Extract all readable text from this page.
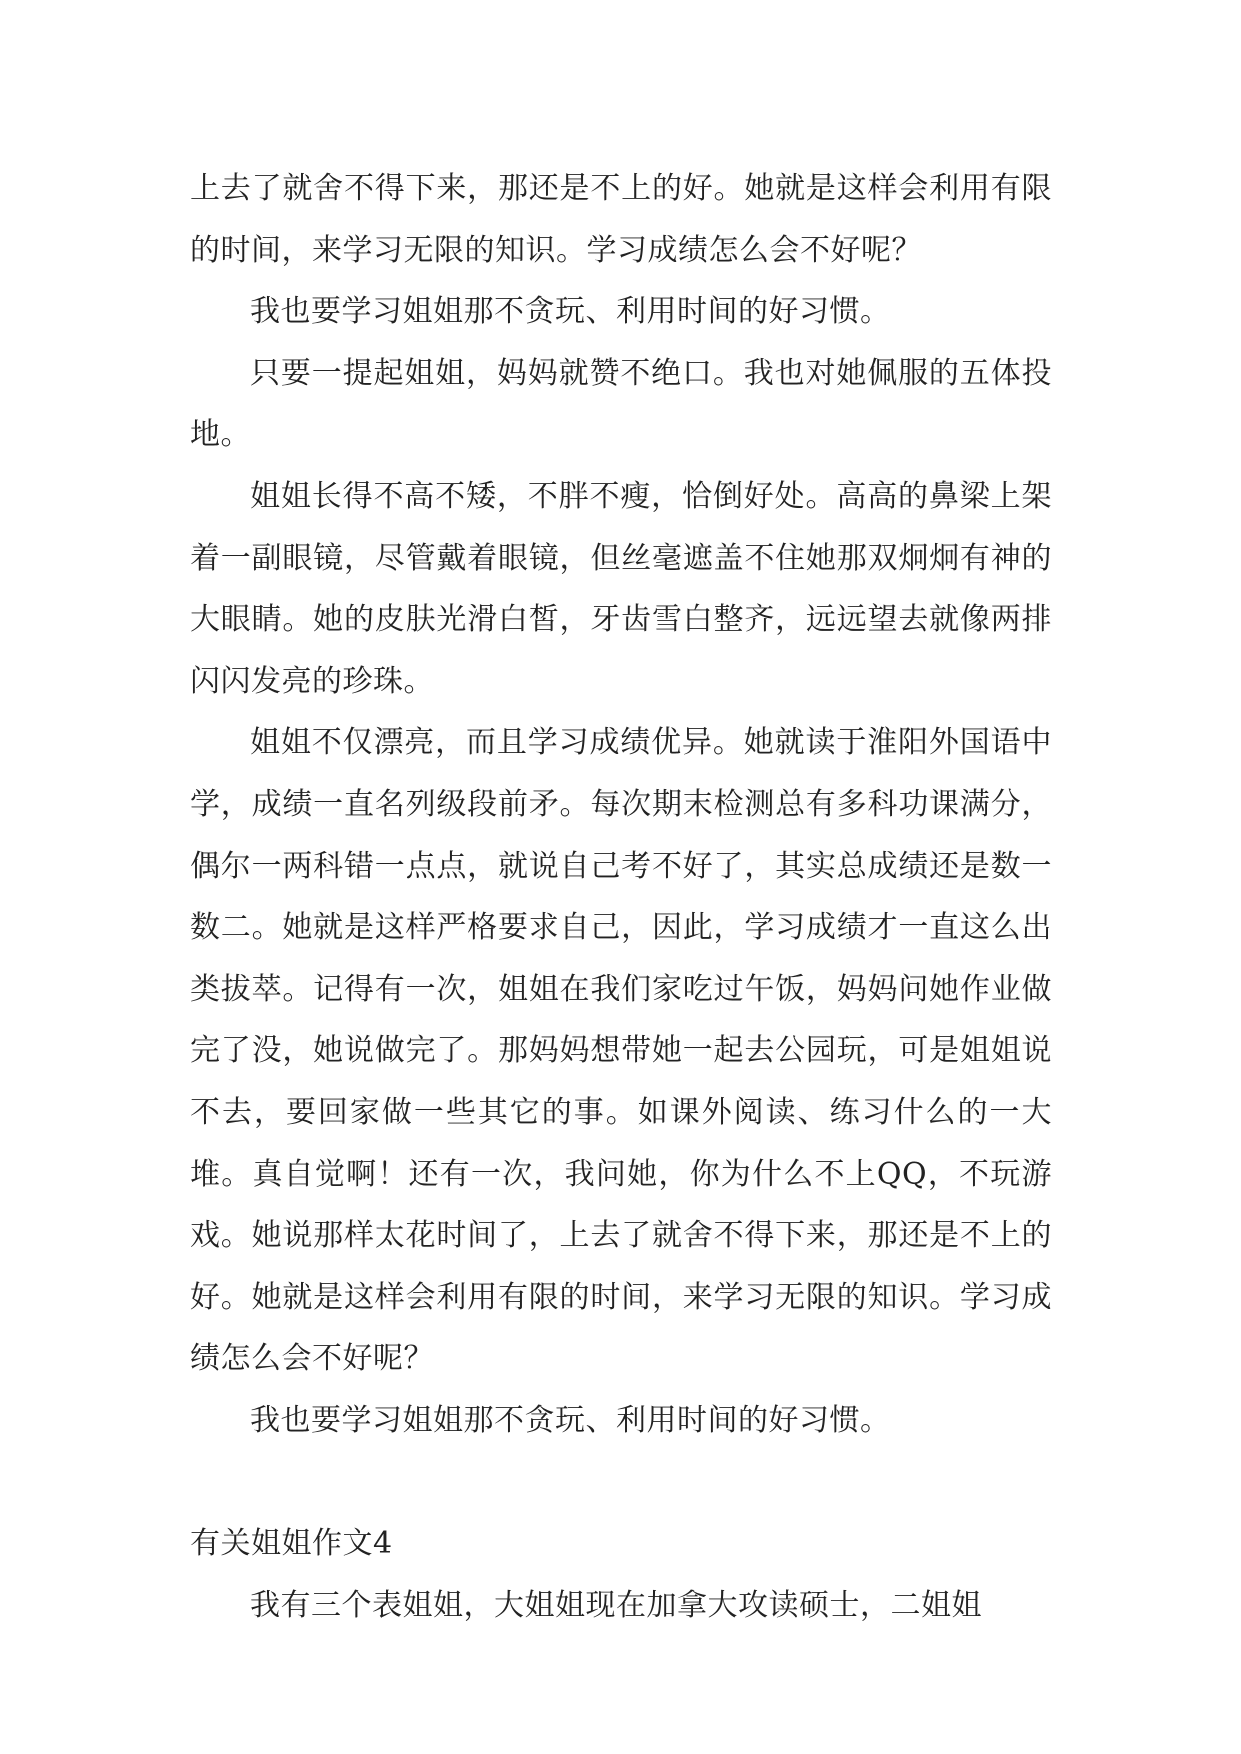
上去了就舍不得下来，那还是不上的好。她就是这样会利用有限的时间，来学习无限的知识。学习成绩怎么会不好呢？

我也要学习姐姐那不贪玩、利用时间的好习惯。

只要一提起姐姐，妈妈就赞不绝口。我也对她佩服的五体投地。

姐姐长得不高不矮，不胖不瘦，恰倒好处。高高的鼻梁上架着一副眼镜，尽管戴着眼镜，但丝毫遮盖不住她那双炯炯有神的大眼睛。她的皮肤光滑白皙，牙齿雪白整齐，远远望去就像两排闪闪发亮的珍珠。

姐姐不仅漂亮，而且学习成绩优异。她就读于淮阳外国语中学，成绩一直名列级段前矛。每次期末检测总有多科功课满分，偶尔一两科错一点点，就说自己考不好了，其实总成绩还是数一数二。她就是这样严格要求自己，因此，学习成绩才一直这么出类拔萃。记得有一次，姐姐在我们家吃过午饭，妈妈问她作业做完了没，她说做完了。那妈妈想带她一起去公园玩，可是姐姐说不去，要回家做一些其它的事。如课外阅读、练习什么的一大堆。真自觉啊！还有一次，我问她，你为什么不上QQ，不玩游戏。她说那样太花时间了，上去了就舍不得下来，那还是不上的好。她就是这样会利用有限的时间，来学习无限的知识。学习成绩怎么会不好呢？

我也要学习姐姐那不贪玩、利用时间的好习惯。

有关姐姐作文4

我有三个表姐姐，大姐姐现在加拿大攻读硕士，二姐姐
